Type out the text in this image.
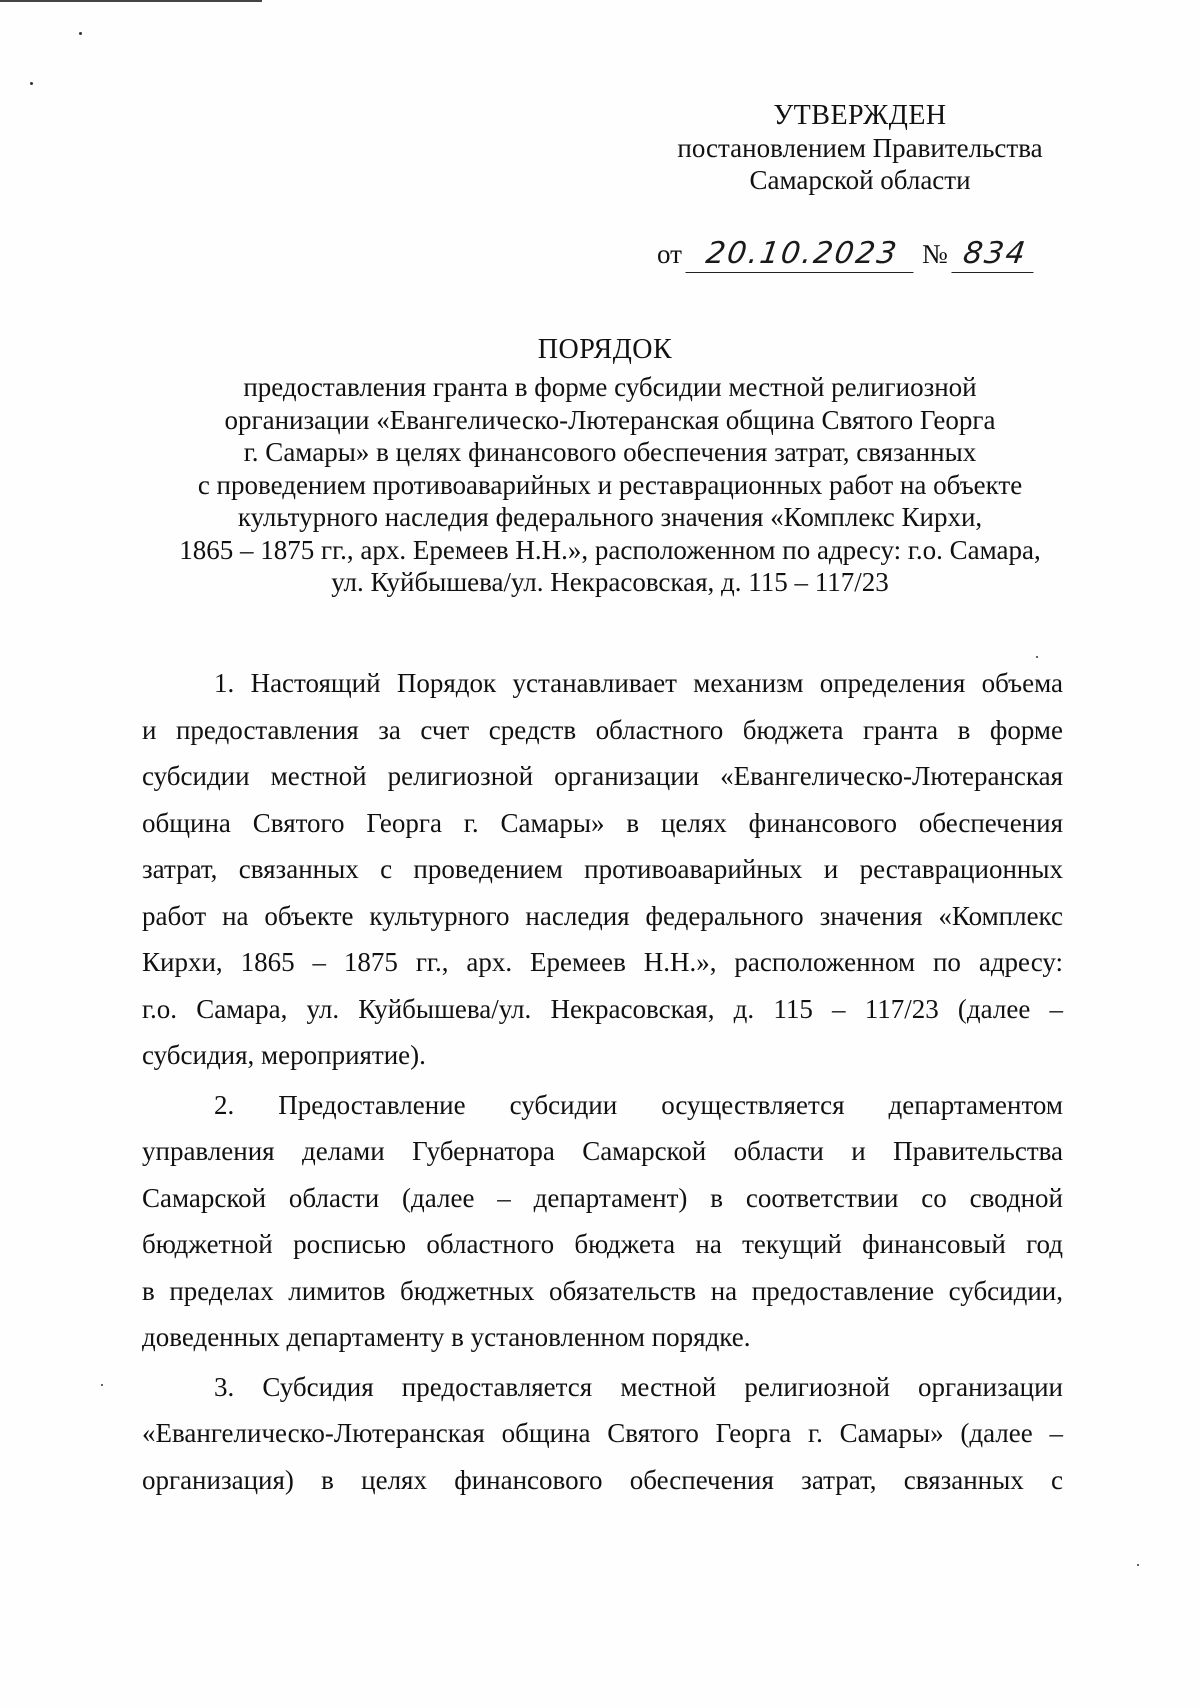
УТВЕРЖДЕН
постановлением Правительства
Самарской области
от 20.10.2023 № 834
ПОРЯДОК
предоставления гранта в форме субсидии местной религиозной
организации «Евангелическо-Лютеранская община Святого Георга
г. Самары» в целях финансового обеспечения затрат, связанных
с проведением противоаварийных и реставрационных работ на объекте
культурного наследия федерального значения «Комплекс Кирхи,
1865 – 1875 гг., арх. Еремеев Н.Н.», расположенном по адресу: г.о. Самара,
ул. Куйбышева/ул. Некрасовская, д. 115 – 117/23

1. Настоящий Порядок устанавливает механизм определения объема
и предоставления за счет средств областного бюджета гранта в форме
субсидии местной религиозной организации «Евангелическо-Лютеранская
община Святого Георга г. Самары» в целях финансового обеспечения
затрат, связанных с проведением противоаварийных и реставрационных
работ на объекте культурного наследия федерального значения «Комплекс
Кирхи, 1865 – 1875 гг., арх. Еремеев Н.Н.», расположенном по адресу:
г.о. Самара, ул. Куйбышева/ул. Некрасовская, д. 115 – 117/23 (далее –
субсидия, мероприятие).

2. Предоставление субсидии осуществляется департаментом
управления делами Губернатора Самарской области и Правительства
Самарской области (далее – департамент) в соответствии со сводной
бюджетной росписью областного бюджета на текущий финансовый год
в пределах лимитов бюджетных обязательств на предоставление субсидии,
доведенных департаменту в установленном порядке.

3. Субсидия предоставляется местной религиозной организации
«Евангелическо-Лютеранская община Святого Георга г. Самары» (далее –
организация) в целях финансового обеспечения затрат, связанных с
